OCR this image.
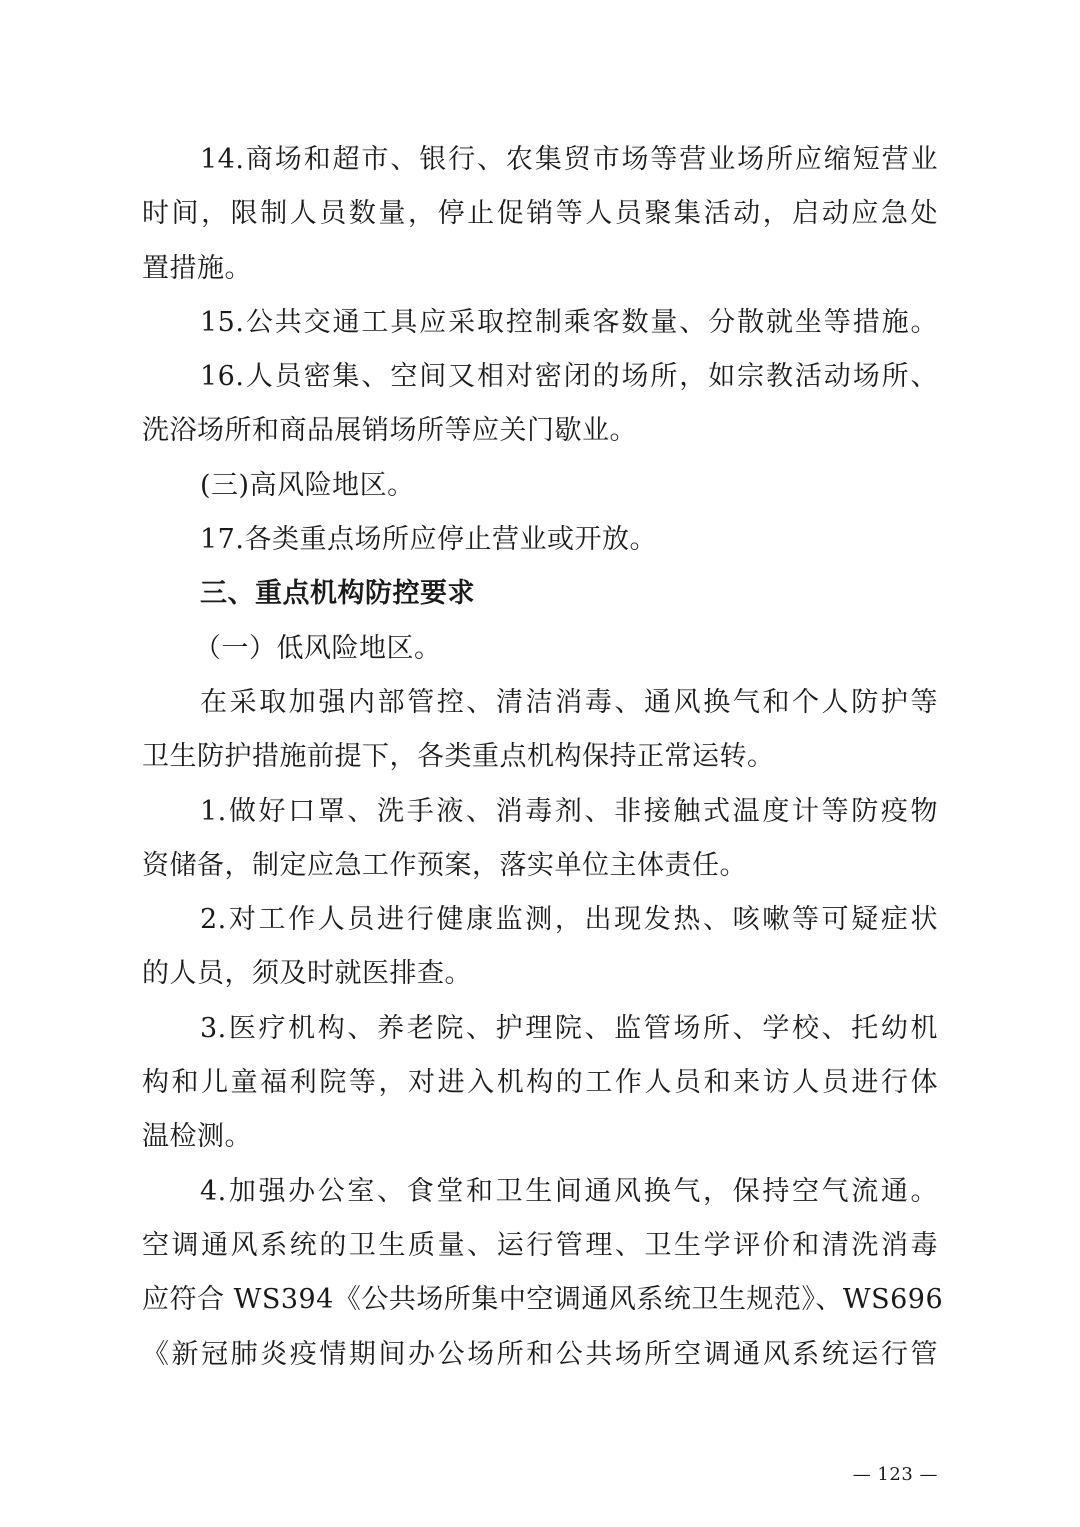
14.商场和超市、银行、农集贸市场等营业场所应缩短营业
时间，限制人员数量，停止促销等人员聚集活动，启动应急处
置措施。
15.公共交通工具应采取控制乘客数量、分散就坐等措施。
16.人员密集、空间又相对密闭的场所，如宗教活动场所、
洗浴场所和商品展销场所等应关门歇业。
(三)高风险地区。
17.各类重点场所应停止营业或开放。
三、重点机构防控要求
（一）低风险地区。
在采取加强内部管控、清洁消毒、通风换气和个人防护等
卫生防护措施前提下，各类重点机构保持正常运转。
1.做好口罩、洗手液、消毒剂、非接触式温度计等防疫物
资储备，制定应急工作预案，落实单位主体责任。
2.对工作人员进行健康监测，出现发热、咳嗽等可疑症状
的人员，须及时就医排查。
3.医疗机构、养老院、护理院、监管场所、学校、托幼机
构和儿童福利院等，对进入机构的工作人员和来访人员进行体
温检测。
4.加强办公室、食堂和卫生间通风换气，保持空气流通。
空调通风系统的卫生质量、运行管理、卫生学评价和清洗消毒
应符合 WS394《公共场所集中空调通风系统卫生规范》、WS696
《新冠肺炎疫情期间办公场所和公共场所空调通风系统运行管
— 123 —
